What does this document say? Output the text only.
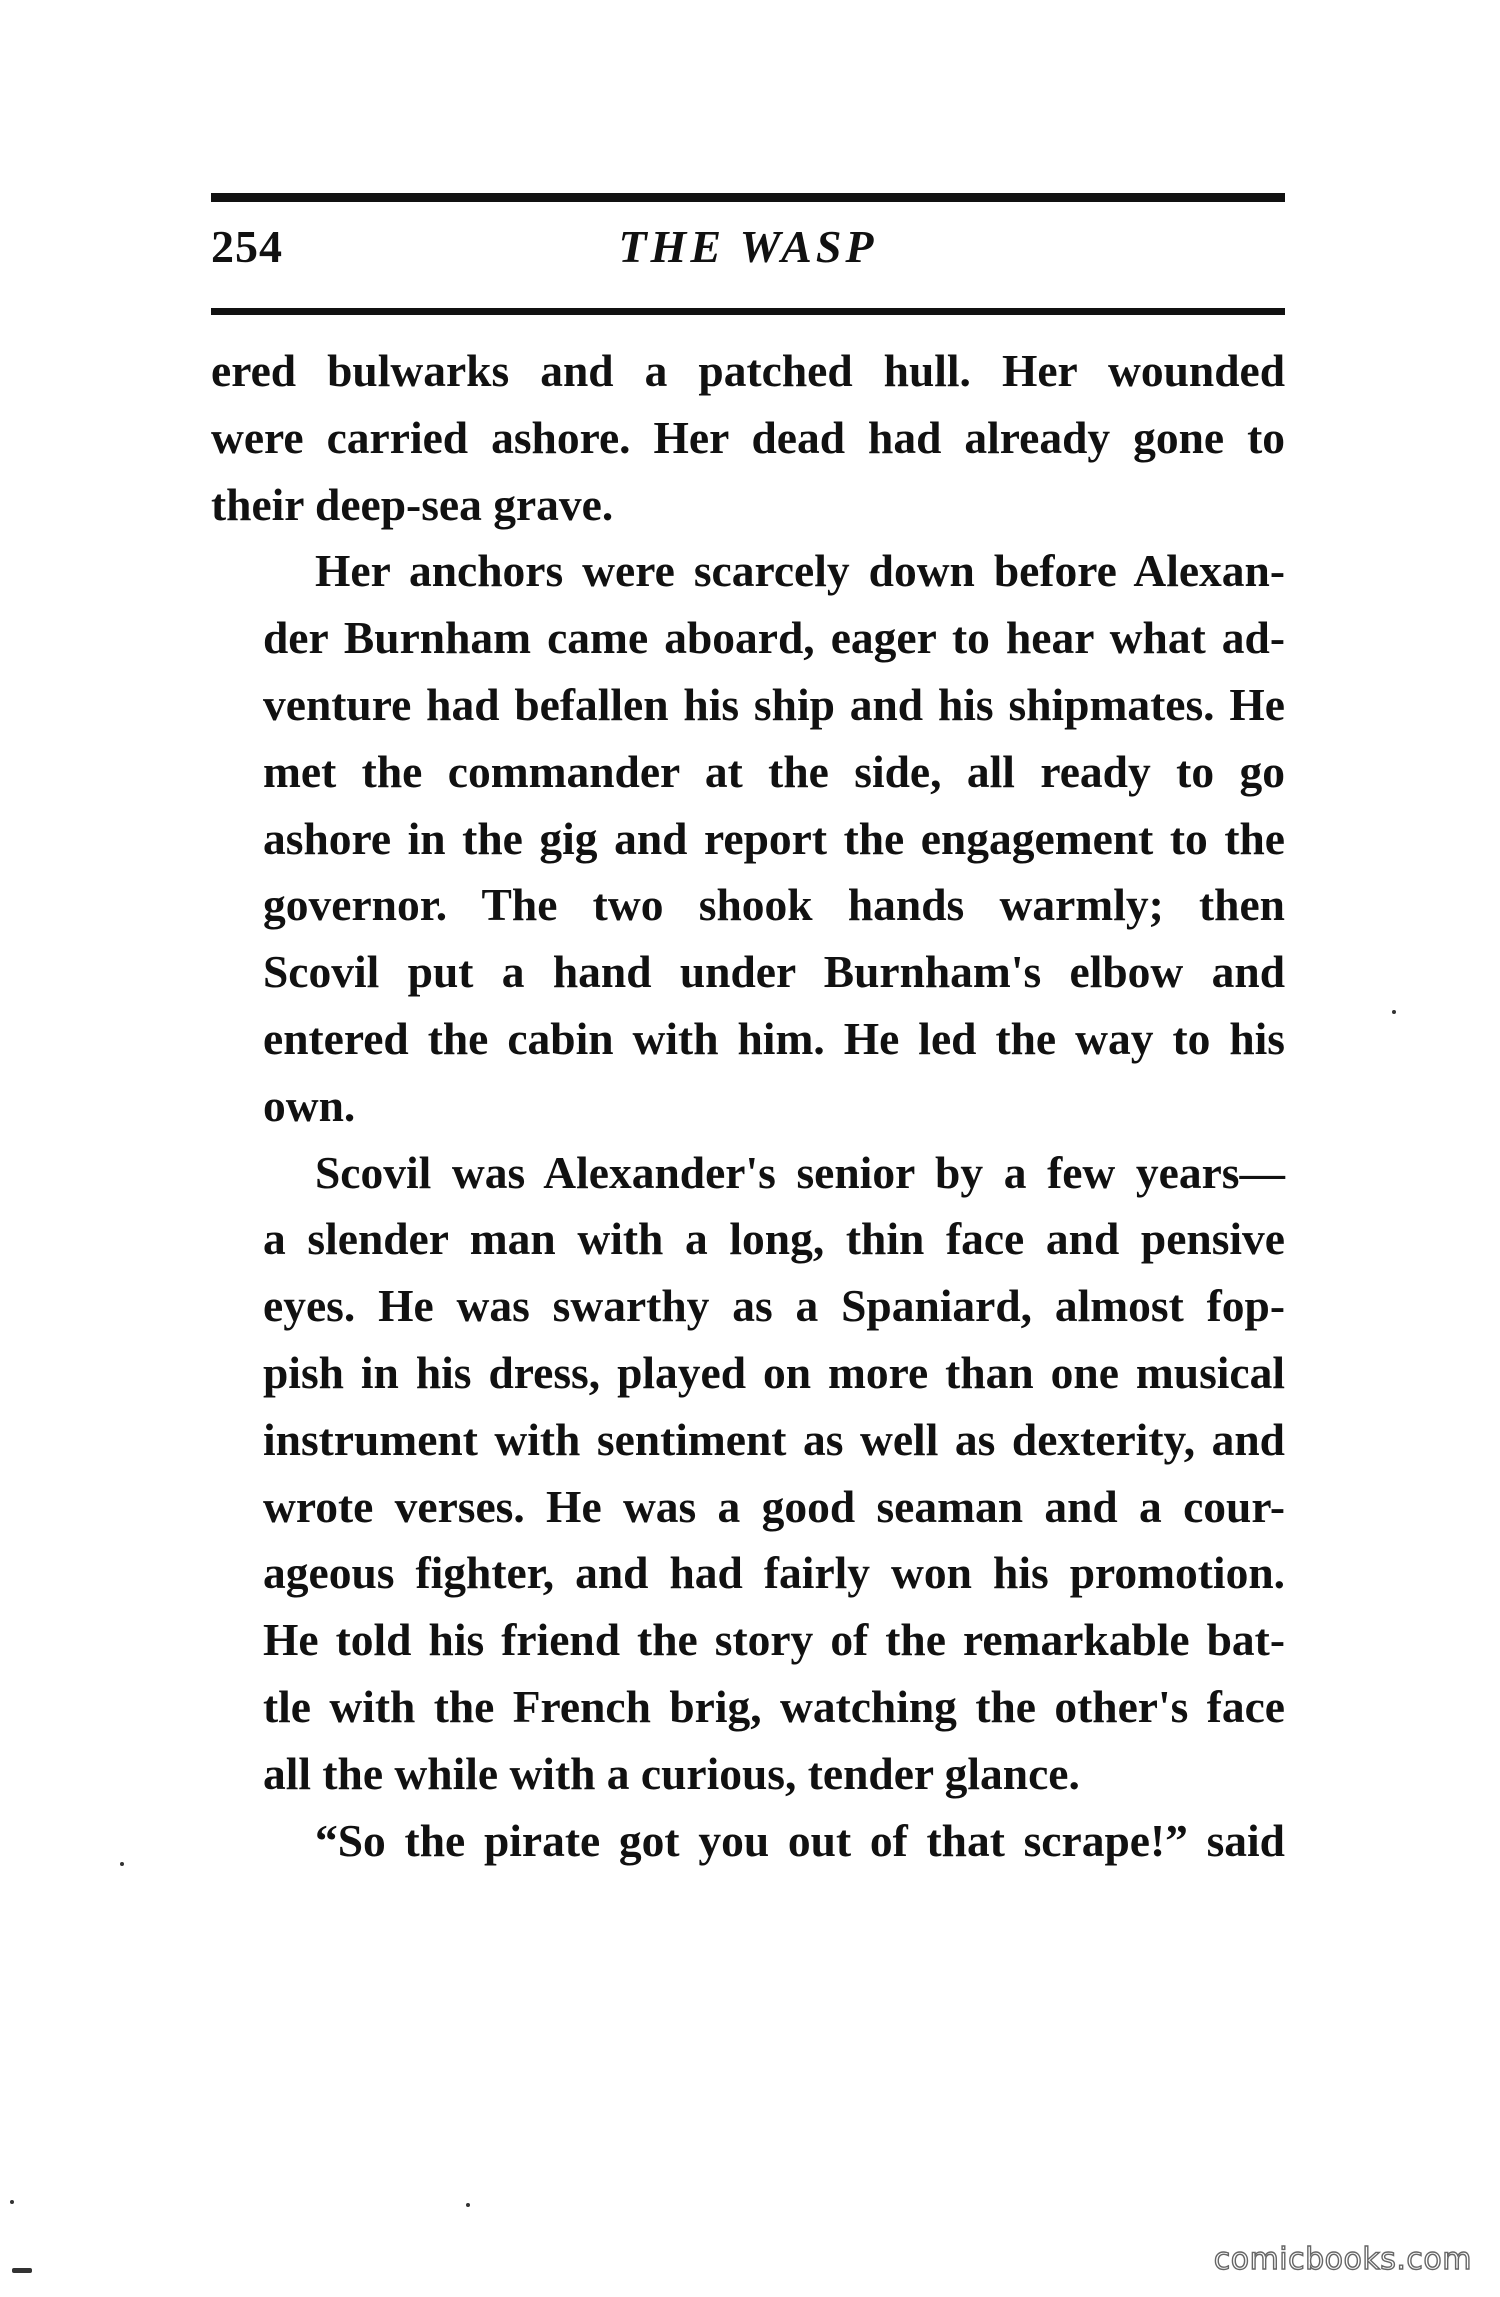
254	THE WASP

ered bulwarks and a patched hull. Her wounded
were carried ashore. Her dead had already gone to
their deep-sea grave.

Her anchors were scarcely down before Alexan-
der Burnham came aboard, eager to hear what ad-
venture had befallen his ship and his shipmates. He
met the commander at the side, all ready to go
ashore in the gig and report the engagement to the
governor. The two shook hands warmly; then
Scovil put a hand under Burnham's elbow and
entered the cabin with him. He led the way to his
own.

Scovil was Alexander's senior by a few years—
a slender man with a long, thin face and pensive
eyes. He was swarthy as a Spaniard, almost fop-
pish in his dress, played on more than one musical
instrument with sentiment as well as dexterity, and
wrote verses. He was a good seaman and a cour-
ageous fighter, and had fairly won his promotion.
He told his friend the story of the remarkable bat-
tle with the French brig, watching the other's face
all the while with a curious, tender glance.

“So the pirate got you out of that scrape!” said

comicbooks.com
